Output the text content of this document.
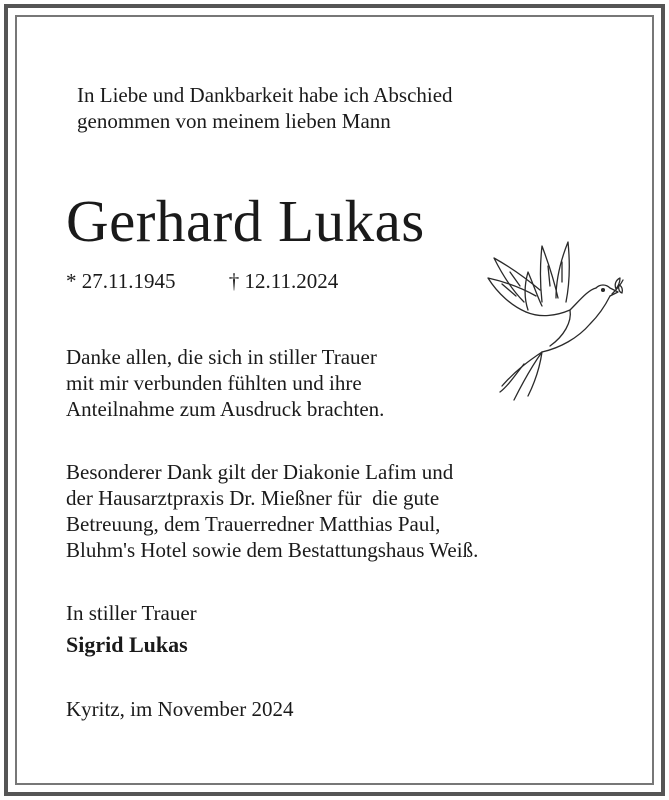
In Liebe und Dankbarkeit habe ich Abschied
genommen von meinem lieben Mann

Gerhard Lukas
* 27.11.1945	† 12.11.2024

Danke allen, die sich in stiller Trauer
mit mir verbunden fühlten und ihre
Anteilnahme zum Ausdruck brachten.

Besonderer Dank gilt der Diakonie Lafim und
der Hausarztpraxis Dr. Mießner für  die gute
Betreuung, dem Trauerredner Matthias Paul,
Bluhm's Hotel sowie dem Bestattungshaus Weiß.

In stiller Trauer
Sigrid Lukas
Kyritz, im November 2024
